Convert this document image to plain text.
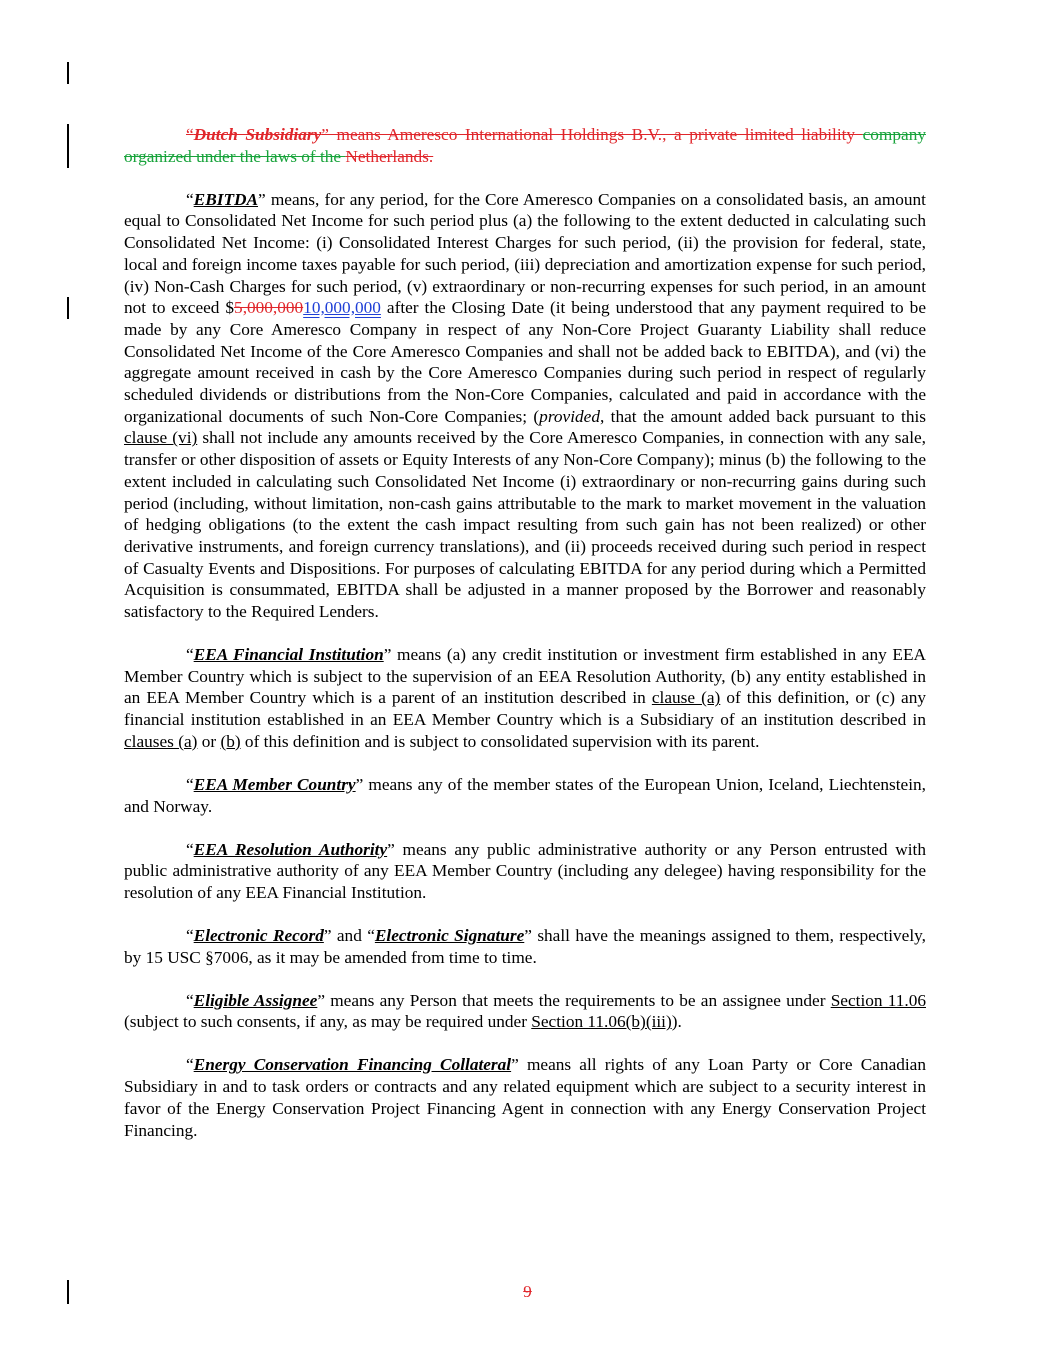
“Dutch Subsidiary” means Ameresco International Holdings B.V., a private limited liability company organized under the laws of the Netherlands.

“EBITDA” means, for any period, for the Core Ameresco Companies on a consolidated basis, an amount equal to Consolidated Net Income for such period plus (a) the following to the extent deducted in calculating such Consolidated Net Income: (i) Consolidated Interest Charges for such period, (ii) the provision for federal, state, local and foreign income taxes payable for such period, (iii) depreciation and amortization expense for such period, (iv) Non-Cash Charges for such period, (v) extraordinary or non-recurring expenses for such period, in an amount not to exceed $5,000,00010,000,000 after the Closing Date (it being understood that any payment required to be made by any Core Ameresco Company in respect of any Non-Core Project Guaranty Liability shall reduce Consolidated Net Income of the Core Ameresco Companies and shall not be added back to EBITDA), and (vi) the aggregate amount received in cash by the Core Ameresco Companies during such period in respect of regularly scheduled dividends or distributions from the Non-Core Companies, calculated and paid in accordance with the organizational documents of such Non-Core Companies; (provided, that the amount added back pursuant to this clause (vi) shall not include any amounts received by the Core Ameresco Companies, in connection with any sale, transfer or other disposition of assets or Equity Interests of any Non-Core Company); minus (b) the following to the extent included in calculating such Consolidated Net Income (i) extraordinary or non-recurring gains during such period (including, without limitation, non-cash gains attributable to the mark to market movement in the valuation of hedging obligations (to the extent the cash impact resulting from such gain has not been realized) or other derivative instruments, and foreign currency translations), and (ii) proceeds received during such period in respect of Casualty Events and Dispositions. For purposes of calculating EBITDA for any period during which a Permitted Acquisition is consummated, EBITDA shall be adjusted in a manner proposed by the Borrower and reasonably satisfactory to the Required Lenders.

“EEA Financial Institution” means (a) any credit institution or investment firm established in any EEA Member Country which is subject to the supervision of an EEA Resolution Authority, (b) any entity established in an EEA Member Country which is a parent of an institution described in clause (a) of this definition, or (c) any financial institution established in an EEA Member Country which is a Subsidiary of an institution described in clauses (a) or (b) of this definition and is subject to consolidated supervision with its parent.

“EEA Member Country” means any of the member states of the European Union, Iceland, Liechtenstein, and Norway.

“EEA Resolution Authority” means any public administrative authority or any Person entrusted with public administrative authority of any EEA Member Country (including any delegee) having responsibility for the resolution of any EEA Financial Institution.

“Electronic Record” and “Electronic Signature” shall have the meanings assigned to them, respectively, by 15 USC §7006, as it may be amended from time to time.

“Eligible Assignee” means any Person that meets the requirements to be an assignee under Section 11.06 (subject to such consents, if any, as may be required under Section 11.06(b)(iii)).

“Energy Conservation Financing Collateral” means all rights of any Loan Party or Core Canadian Subsidiary in and to task orders or contracts and any related equipment which are subject to a security interest in favor of the Energy Conservation Project Financing Agent in connection with any Energy Conservation Project Financing.

9
